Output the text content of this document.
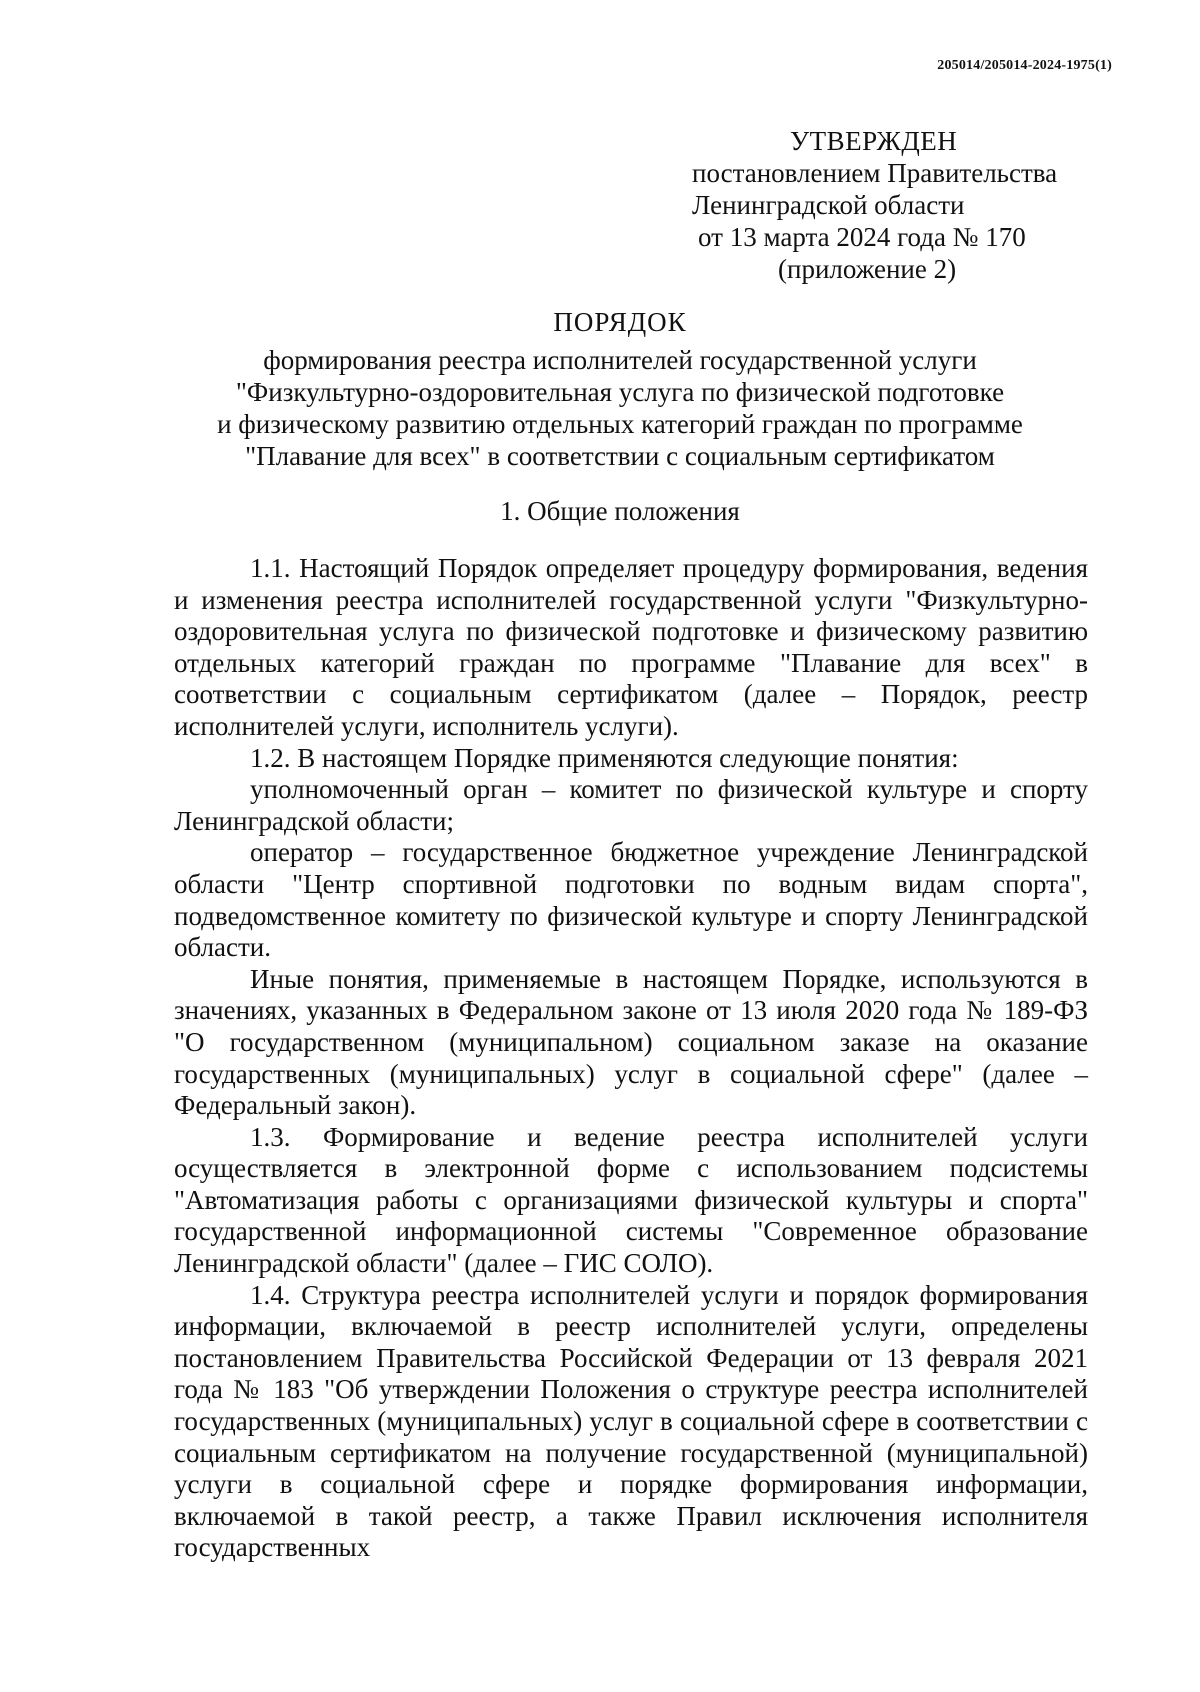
205014/205014-2024-1975(1)
УТВЕРЖДЕН
постановлением Правительства
Ленинградской области
от 13 марта 2024 года № 170
(приложение 2)
ПОРЯДОК
формирования реестра исполнителей государственной услуги
"Физкультурно-оздоровительная услуга по физической подготовке
и физическому развитию отдельных категорий граждан по программе
"Плавание для всех" в соответствии с социальным сертификатом
1. Общие положения

1.1. Настоящий Порядок определяет процедуру формирования, ведения и изменения реестра исполнителей государственной услуги "Физкультурно-оздоровительная услуга по физической подготовке и физическому развитию отдельных категорий граждан по программе "Плавание для всех" в соответствии с социальным сертификатом (далее – Порядок, реестр исполнителей услуги, исполнитель услуги).

1.2. В настоящем Порядке применяются следующие понятия:

уполномоченный орган – комитет по физической культуре и спорту Ленинградской области;

оператор – государственное бюджетное учреждение Ленинградской области "Центр спортивной подготовки по водным видам спорта", подведомственное комитету по физической культуре и спорту Ленинградской области.

Иные понятия, применяемые в настоящем Порядке, используются в значениях, указанных в Федеральном законе от 13 июля 2020 года № 189-ФЗ "О государственном (муниципальном) социальном заказе на оказание государственных (муниципальных) услуг в социальной сфере" (далее – Федеральный закон).

1.3. Формирование и ведение реестра исполнителей услуги осуществляется в электронной форме с использованием подсистемы "Автоматизация работы с организациями физической культуры и спорта" государственной информационной системы "Современное образование Ленинградской области" (далее – ГИС СОЛО).

1.4. Структура реестра исполнителей услуги и порядок формирования информации, включаемой в реестр исполнителей услуги, определены постановлением Правительства Российской Федерации от 13 февраля 2021 года № 183 "Об утверждении Положения о структуре реестра исполнителей государственных (муниципальных) услуг в социальной сфере в соответствии с социальным сертификатом на получение государственной (муниципальной) услуги в социальной сфере и порядке формирования информации, включаемой в такой реестр, а также Правил исключения исполнителя государственных
